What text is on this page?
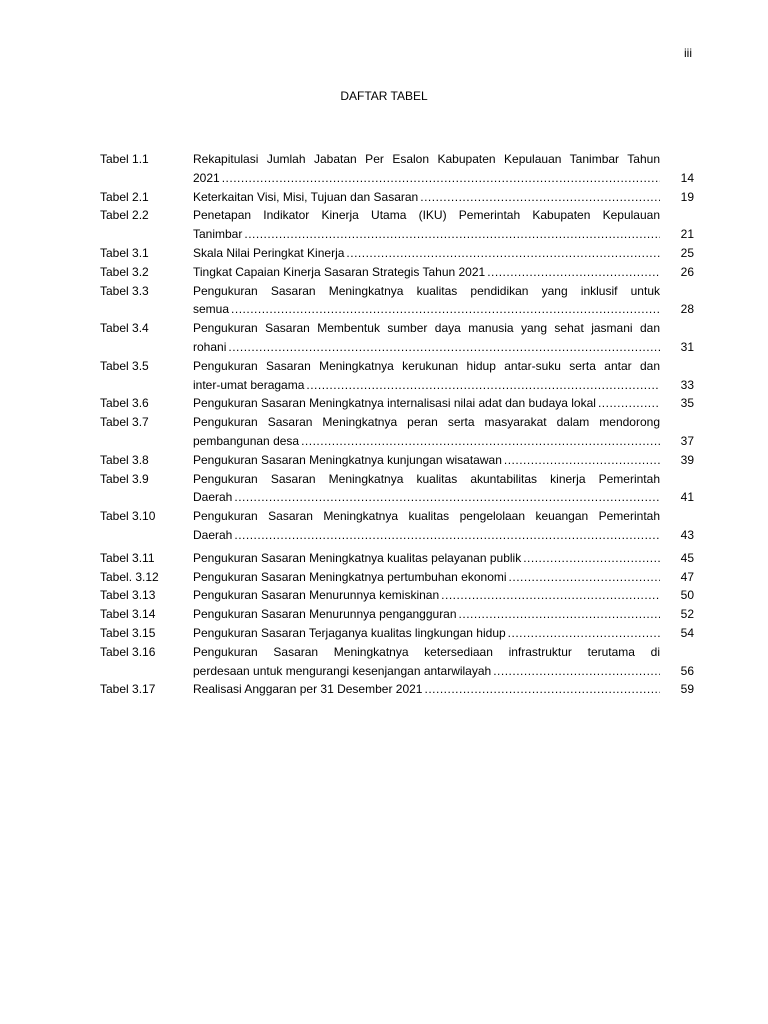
iii
DAFTAR TABEL
Tabel 1.1	Rekapitulasi Jumlah Jabatan Per Esalon Kabupaten Kepulauan Tanimbar Tahun
2021 .....	14
Tabel 2.1	Keterkaitan Visi, Misi, Tujuan dan Sasaran .....	19
Tabel 2.2	Penetapan Indikator Kinerja Utama (IKU) Pemerintah Kabupaten Kepulauan
Tanimbar .....	21
Tabel 3.1	Skala Nilai Peringkat Kinerja .....	25
Tabel 3.2	Tingkat Capaian Kinerja Sasaran Strategis Tahun 2021 .....	26
Tabel 3.3	Pengukuran Sasaran Meningkatnya kualitas pendidikan yang inklusif untuk
semua .....	28
Tabel 3.4	Pengukuran Sasaran Membentuk sumber daya manusia yang sehat jasmani dan
rohani .....	31
Tabel 3.5	Pengukuran Sasaran Meningkatnya kerukunan hidup antar-suku serta antar dan
inter-umat beragama .....	33
Tabel 3.6	Pengukuran Sasaran Meningkatnya internalisasi nilai adat dan budaya lokal .....	35
Tabel 3.7	Pengukuran Sasaran Meningkatnya peran serta masyarakat dalam mendorong
pembangunan desa .....	37
Tabel 3.8	Pengukuran Sasaran Meningkatnya kunjungan wisatawan .....	39
Tabel 3.9	Pengukuran Sasaran Meningkatnya kualitas akuntabilitas kinerja Pemerintah
Daerah .....	41
Tabel 3.10	Pengukuran Sasaran Meningkatnya kualitas pengelolaan keuangan Pemerintah
Daerah .....	43
Tabel 3.11	Pengukuran Sasaran Meningkatnya kualitas pelayanan publik .....	45
Tabel. 3.12	Pengukuran Sasaran Meningkatnya pertumbuhan ekonomi .....	47
Tabel 3.13	Pengukuran Sasaran Menurunnya kemiskinan .....	50
Tabel 3.14	Pengukuran Sasaran Menurunnya pengangguran .....	52
Tabel 3.15	Pengukuran Sasaran Terjaganya kualitas lingkungan hidup .....	54
Tabel 3.16	Pengukuran Sasaran Meningkatnya ketersediaan infrastruktur terutama di
perdesaan untuk mengurangi kesenjangan antarwilayah .....	56
Tabel 3.17	Realisasi Anggaran per 31 Desember 2021 .....	59
